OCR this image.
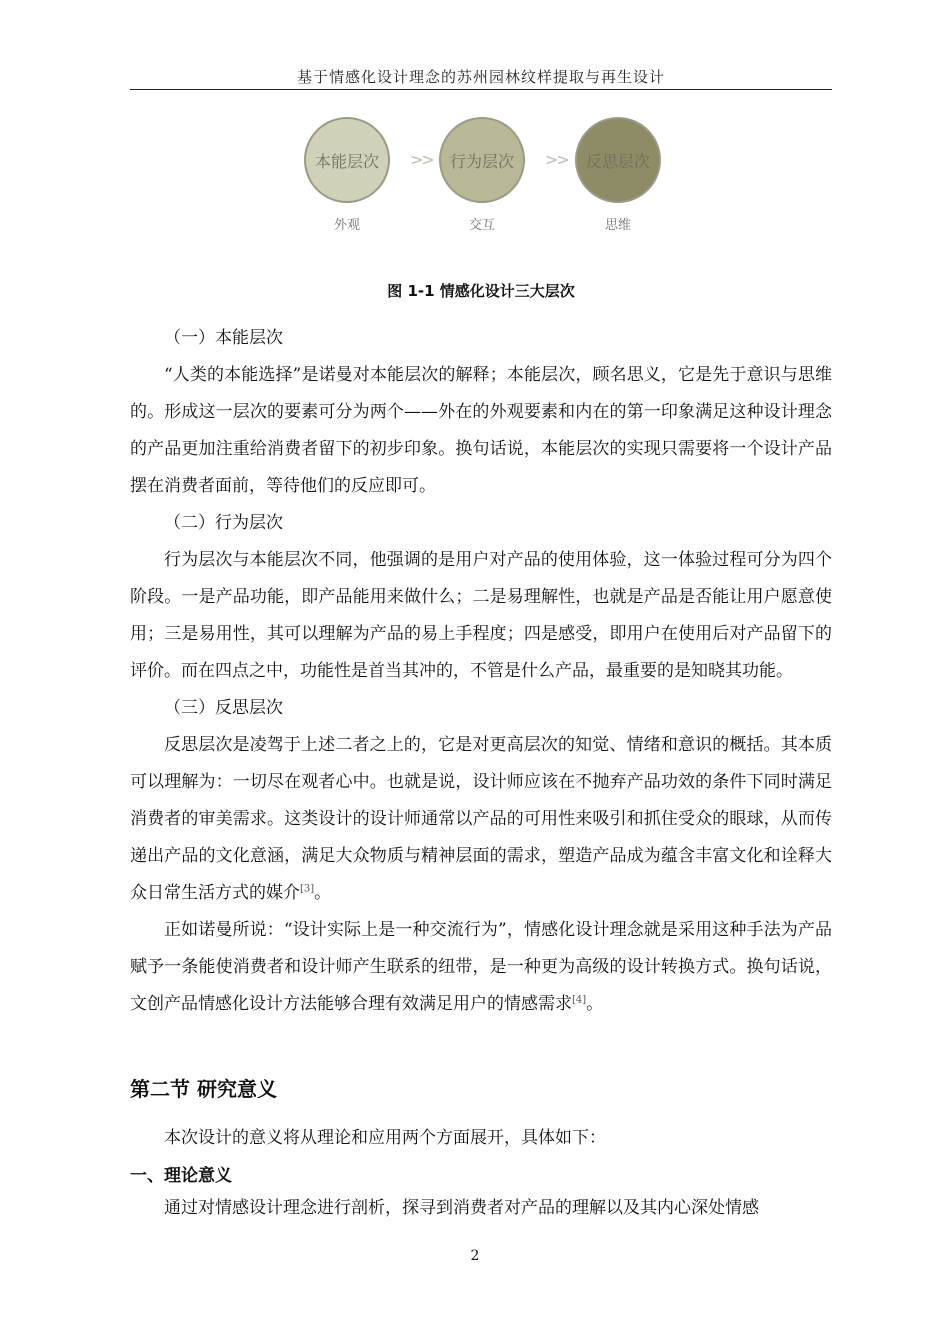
基于情感化设计理念的苏州园林纹样提取与再生设计
本能层次	>>	行为层次	>>	反思层次
外观	交互	思维
图 1-1 情感化设计三大层次

（一）本能层次

“人类的本能选择”是诺曼对本能层次的解释；本能层次，顾名思义，它是先于意识与思维的。形成这一层次的要素可分为两个——外在的外观要素和内在的第一印象满足这种设计理念的产品更加注重给消费者留下的初步印象。换句话说，本能层次的实现只需要将一个设计产品摆在消费者面前，等待他们的反应即可。

（二）行为层次

行为层次与本能层次不同，他强调的是用户对产品的使用体验，这一体验过程可分为四个阶段。一是产品功能，即产品能用来做什么；二是易理解性，也就是产品是否能让用户愿意使用；三是易用性，其可以理解为产品的易上手程度；四是感受，即用户在使用后对产品留下的评价。而在四点之中，功能性是首当其冲的，不管是什么产品，最重要的是知晓其功能。

（三）反思层次

反思层次是凌驾于上述二者之上的，它是对更高层次的知觉、情绪和意识的概括。其本质可以理解为：一切尽在观者心中。也就是说，设计师应该在不抛弃产品功效的条件下同时满足消费者的审美需求。这类设计的设计师通常以产品的可用性来吸引和抓住受众的眼球，从而传递出产品的文化意涵，满足大众物质与精神层面的需求，塑造产品成为蕴含丰富文化和诠释大众日常生活方式的媒介[3]。

正如诺曼所说：“设计实际上是一种交流行为”，情感化设计理念就是采用这种手法为产品赋予一条能使消费者和设计师产生联系的纽带，是一种更为高级的设计转换方式。换句话说，文创产品情感化设计方法能够合理有效满足用户的情感需求[4]。

第二节 研究意义

本次设计的意义将从理论和应用两个方面展开，具体如下：

一、理论意义

通过对情感设计理念进行剖析，探寻到消费者对产品的理解以及其内心深处情感

2
